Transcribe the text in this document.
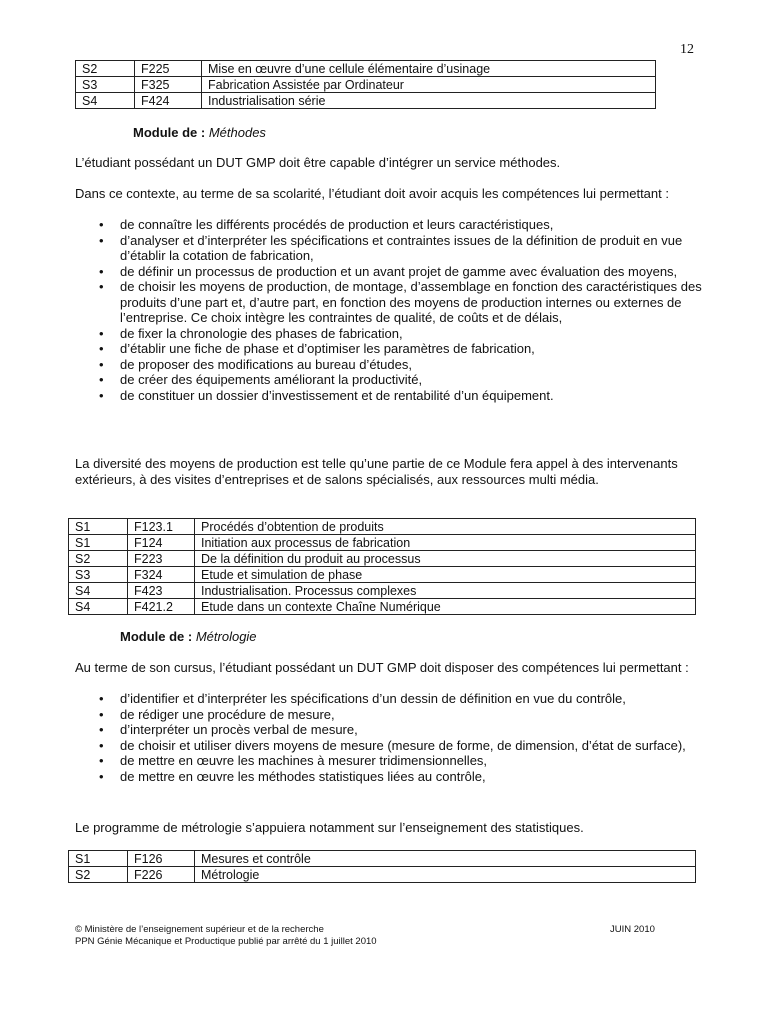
12
S2	F225	Mise en œuvre d’une cellule élémentaire d’usinage
S3	F325	Fabrication Assistée par Ordinateur
S4	F424	Industrialisation série
Module de : Méthodes

L’étudiant possédant un DUT GMP doit être capable d’intégrer un service méthodes.

Dans ce contexte, au terme de sa scolarité, l’étudiant doit avoir acquis les compétences lui permettant :

• de connaître les différents procédés de production et leurs caractéristiques,
• d’analyser et d’interpréter les spécifications et contraintes issues de la définition de produit en vue d’établir la cotation de fabrication,
• de définir un processus de production et un avant projet de gamme avec évaluation des moyens,
• de choisir les moyens de production, de montage, d’assemblage en fonction des caractéristiques des produits d’une part et, d’autre part, en fonction des moyens de production internes ou externes de l’entreprise. Ce choix intègre les contraintes de qualité, de coûts et de délais,
• de fixer la chronologie des phases de fabrication,
• d’établir une fiche de phase et d’optimiser les paramètres de fabrication,
• de proposer des modifications au bureau d’études,
• de créer des équipements améliorant la productivité,
• de constituer un dossier d’investissement et de rentabilité d’un équipement.

La diversité des moyens de production est telle qu’une partie de ce Module fera appel à des intervenants extérieurs, à des visites d’entreprises et de salons spécialisés, aux ressources multi média.

S1	F123.1	Procédés d’obtention de produits
S1	F124	Initiation aux processus de fabrication
S2	F223	De la définition du produit au processus
S3	F324	Etude et simulation de phase
S4	F423	Industrialisation. Processus complexes
S4	F421.2	Etude dans un contexte Chaîne Numérique
Module de : Métrologie

Au terme de son cursus, l’étudiant possédant un DUT GMP doit disposer des compétences lui permettant :

• d’identifier et d’interpréter les spécifications d’un dessin de définition en vue du contrôle,
• de rédiger une procédure de mesure,
• d’interpréter un procès verbal de mesure,
• de choisir et utiliser divers moyens de mesure (mesure de forme, de dimension, d’état de surface),
• de mettre en œuvre les machines à mesurer tridimensionnelles,
• de mettre en œuvre les méthodes statistiques liées au contrôle,

Le programme de métrologie s’appuiera notamment sur l’enseignement des statistiques.

S1	F126	Mesures et contrôle
S2	F226	Métrologie
© Ministère de l’enseignement supérieur et de la recherche	JUIN 2010
PPN Génie Mécanique et Productique publié par arrêté du 1 juillet 2010
